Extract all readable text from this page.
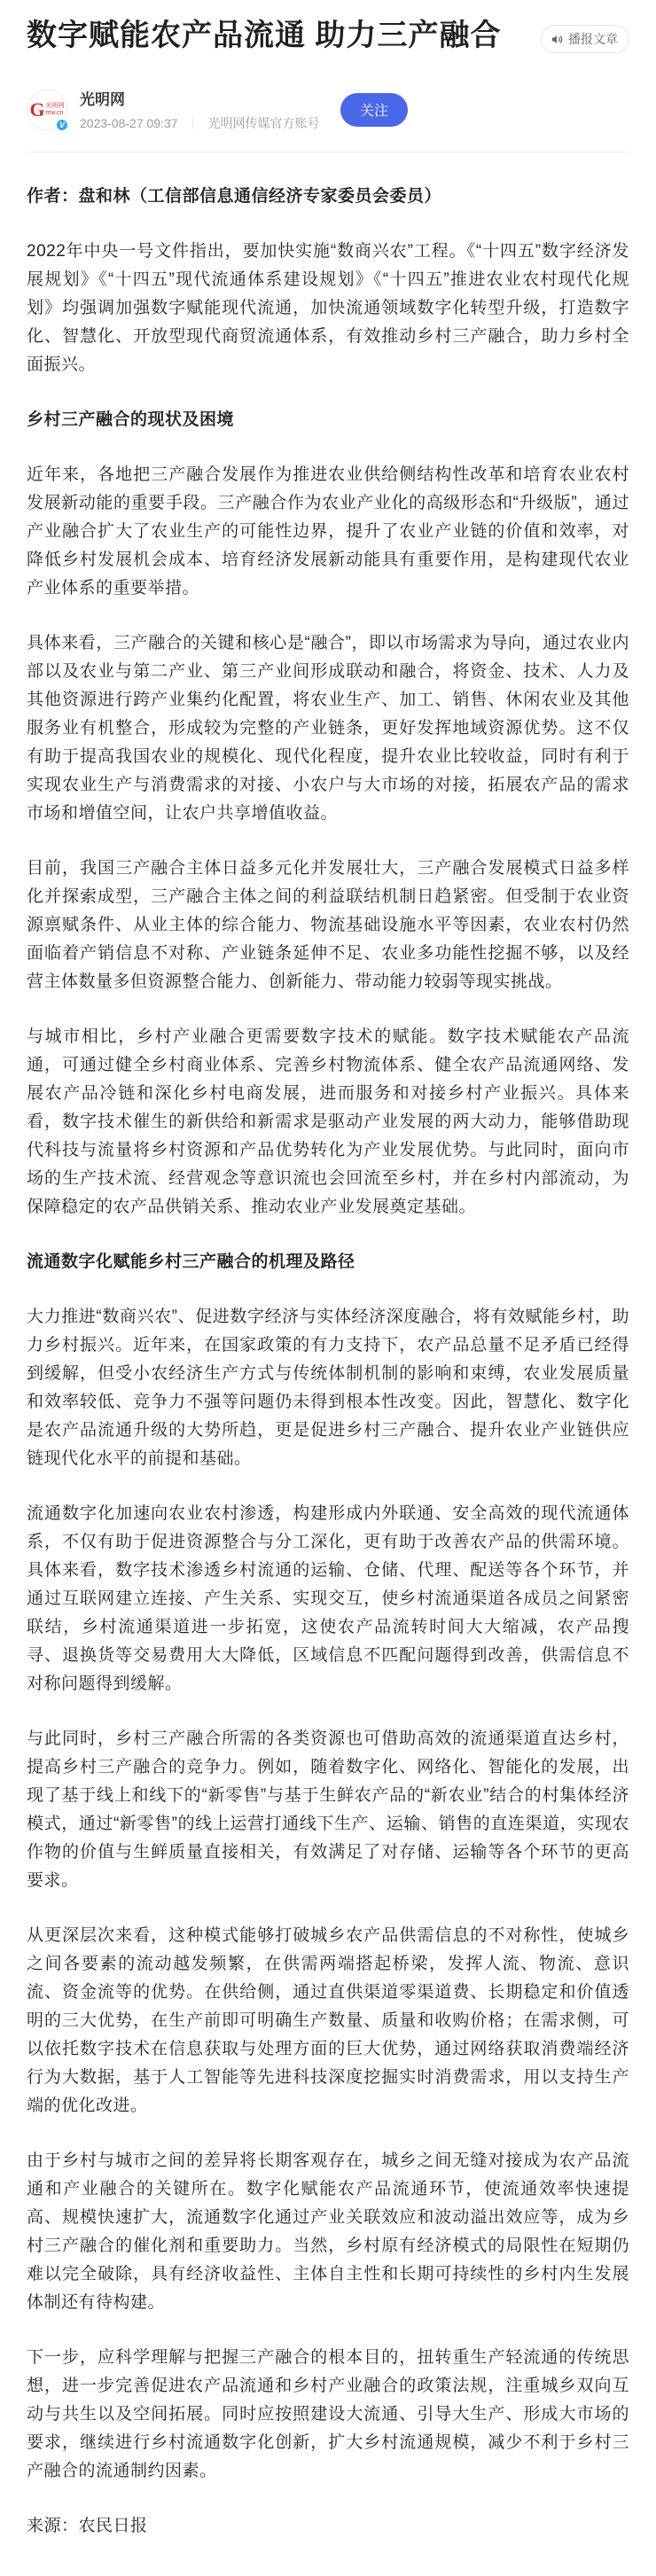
数字赋能农产品流通 助力三产融合	播报文章
G 光明网
mw.cn
V
光明网
2023-08-27 09:37 ｜ 光明网传媒官方账号
关注

作者：盘和林（工信部信息通信经济专家委员会委员）

2022年中央一号文件指出，要加快实施“数商兴农”工程。《“十四五”数字经济发展规划》《“十四五”现代流通体系建设规划》《“十四五”推进农业农村现代化规划》均强调加强数字赋能现代流通，加快流通领域数字化转型升级，打造数字化、智慧化、开放型现代商贸流通体系，有效推动乡村三产融合，助力乡村全面振兴。

乡村三产融合的现状及困境

近年来，各地把三产融合发展作为推进农业供给侧结构性改革和培育农业农村发展新动能的重要手段。三产融合作为农业产业化的高级形态和“升级版”，通过产业融合扩大了农业生产的可能性边界，提升了农业产业链的价值和效率，对降低乡村发展机会成本、培育经济发展新动能具有重要作用，是构建现代农业产业体系的重要举措。

具体来看，三产融合的关键和核心是“融合”，即以市场需求为导向，通过农业内部以及农业与第二产业、第三产业间形成联动和融合，将资金、技术、人力及其他资源进行跨产业集约化配置，将农业生产、加工、销售、休闲农业及其他服务业有机整合，形成较为完整的产业链条，更好发挥地域资源优势。这不仅有助于提高我国农业的规模化、现代化程度，提升农业比较收益，同时有利于实现农业生产与消费需求的对接、小农户与大市场的对接，拓展农产品的需求市场和增值空间，让农户共享增值收益。

目前，我国三产融合主体日益多元化并发展壮大，三产融合发展模式日益多样化并探索成型，三产融合主体之间的利益联结机制日趋紧密。但受制于农业资源禀赋条件、从业主体的综合能力、物流基础设施水平等因素，农业农村仍然面临着产销信息不对称、产业链条延伸不足、农业多功能性挖掘不够，以及经营主体数量多但资源整合能力、创新能力、带动能力较弱等现实挑战。

与城市相比，乡村产业融合更需要数字技术的赋能。数字技术赋能农产品流通，可通过健全乡村商业体系、完善乡村物流体系、健全农产品流通网络、发展农产品冷链和深化乡村电商发展，进而服务和对接乡村产业振兴。具体来看，数字技术催生的新供给和新需求是驱动产业发展的两大动力，能够借助现代科技与流量将乡村资源和产品优势转化为产业发展优势。与此同时，面向市场的生产技术流、经营观念等意识流也会回流至乡村，并在乡村内部流动，为保障稳定的农产品供销关系、推动农业产业发展奠定基础。

流通数字化赋能乡村三产融合的机理及路径

大力推进“数商兴农”、促进数字经济与实体经济深度融合，将有效赋能乡村，助力乡村振兴。近年来，在国家政策的有力支持下，农产品总量不足矛盾已经得到缓解，但受小农经济生产方式与传统体制机制的影响和束缚，农业发展质量和效率较低、竞争力不强等问题仍未得到根本性改变。因此，智慧化、数字化是农产品流通升级的大势所趋，更是促进乡村三产融合、提升农业产业链供应链现代化水平的前提和基础。

流通数字化加速向农业农村渗透，构建形成内外联通、安全高效的现代流通体系，不仅有助于促进资源整合与分工深化，更有助于改善农产品的供需环境。具体来看，数字技术渗透乡村流通的运输、仓储、代理、配送等各个环节，并通过互联网建立连接、产生关系、实现交互，使乡村流通渠道各成员之间紧密联结，乡村流通渠道进一步拓宽，这使农产品流转时间大大缩减，农产品搜寻、退换货等交易费用大大降低，区域信息不匹配问题得到改善，供需信息不对称问题得到缓解。

与此同时，乡村三产融合所需的各类资源也可借助高效的流通渠道直达乡村，提高乡村三产融合的竞争力。例如，随着数字化、网络化、智能化的发展，出现了基于线上和线下的“新零售”与基于生鲜农产品的“新农业”结合的村集体经济模式，通过“新零售”的线上运营打通线下生产、运输、销售的直连渠道，实现农作物的价值与生鲜质量直接相关，有效满足了对存储、运输等各个环节的更高要求。

从更深层次来看，这种模式能够打破城乡农产品供需信息的不对称性，使城乡之间各要素的流动越发频繁，在供需两端搭起桥梁，发挥人流、物流、意识流、资金流等的优势。在供给侧，通过直供渠道零渠道费、长期稳定和价值透明的三大优势，在生产前即可明确生产数量、质量和收购价格；在需求侧，可以依托数字技术在信息获取与处理方面的巨大优势，通过网络获取消费端经济行为大数据，基于人工智能等先进科技深度挖掘实时消费需求，用以支持生产端的优化改进。

由于乡村与城市之间的差异将长期客观存在，城乡之间无缝对接成为农产品流通和产业融合的关键所在。数字化赋能农产品流通环节，使流通效率快速提高、规模快速扩大，流通数字化通过产业关联效应和波动溢出效应等，成为乡村三产融合的催化剂和重要助力。当然，乡村原有经济模式的局限性在短期仍难以完全破除，具有经济收益性、主体自主性和长期可持续性的乡村内生发展体制还有待构建。

下一步，应科学理解与把握三产融合的根本目的，扭转重生产轻流通的传统思想，进一步完善促进农产品流通和乡村产业融合的政策法规，注重城乡双向互动与共生以及空间拓展。同时应按照建设大流通、引导大生产、形成大市场的要求，继续进行乡村流通数字化创新，扩大乡村流通规模，减少不利于乡村三产融合的流通制约因素。

来源：农民日报
